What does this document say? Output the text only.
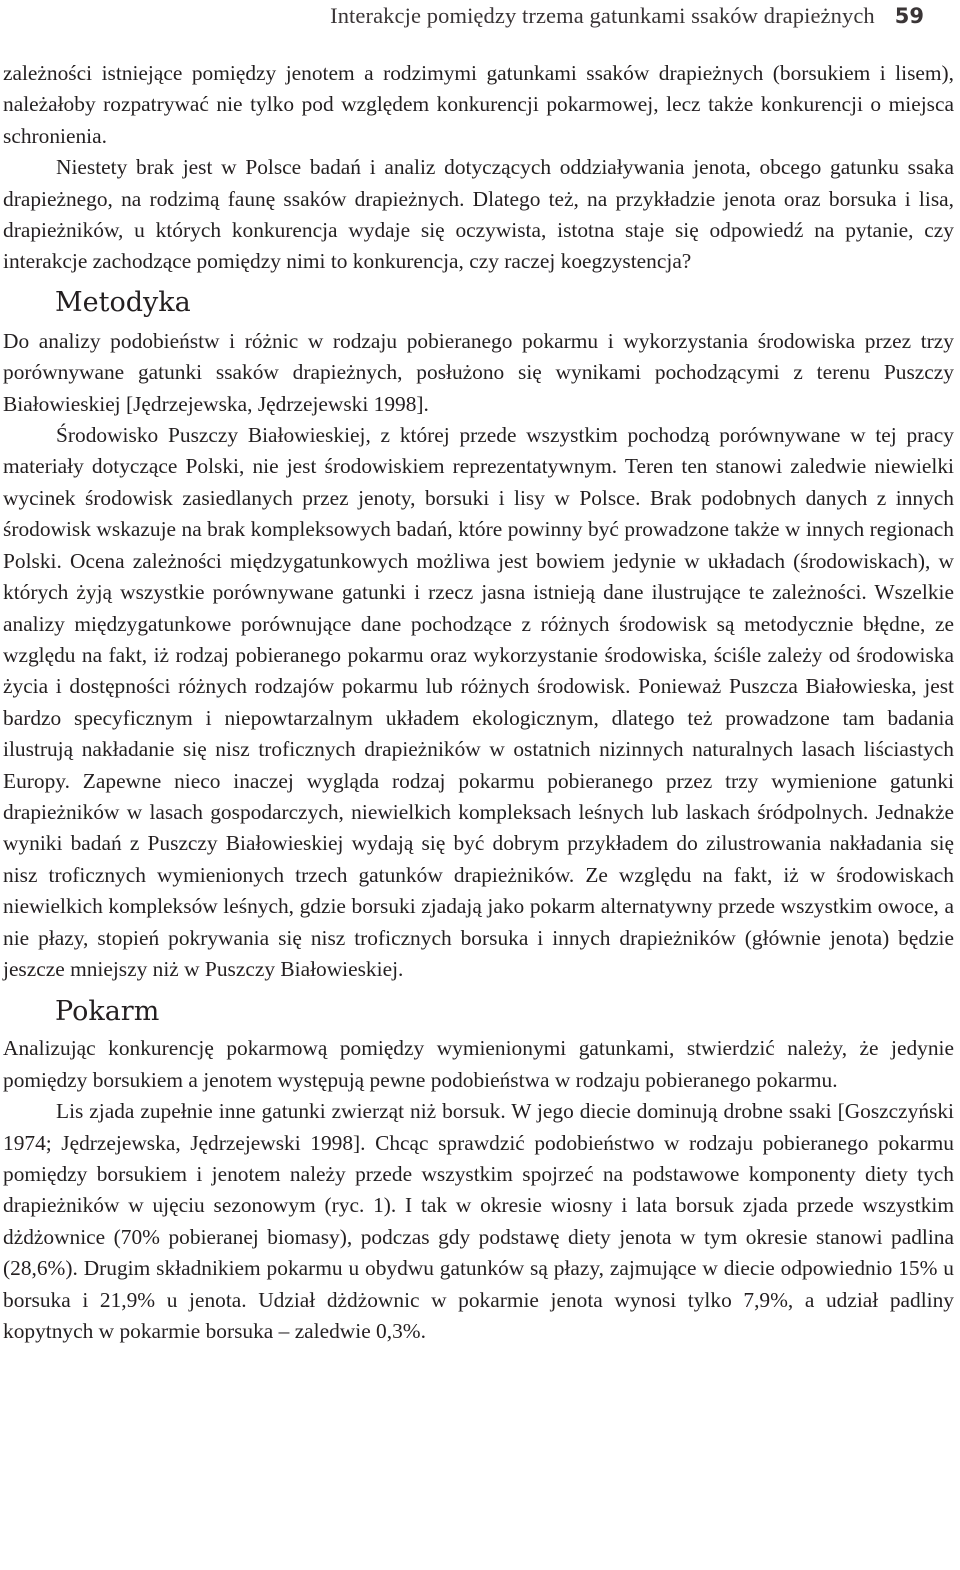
Interakcje pomiędzy trzema gatunkami ssaków drapieżnych 59

zależności istniejące pomiędzy jenotem a rodzimymi gatunkami ssaków drapieżnych (borsukiem i lisem), należałoby rozpatrywać nie tylko pod względem konkurencji pokarmowej, lecz także konkurencji o miejsca schronienia.

Niestety brak jest w Polsce badań i analiz dotyczących oddziaływania jenota, obcego gatunku ssaka drapieżnego, na rodzimą faunę ssaków drapieżnych. Dlatego też, na przykładzie jenota oraz borsuka i lisa, drapieżników, u których konkurencja wydaje się oczywista, istotna staje się odpowiedź na pytanie, czy interakcje zachodzące pomiędzy nimi to konkurencja, czy raczej koegzystencja?

Metodyka

Do analizy podobieństw i różnic w rodzaju pobieranego pokarmu i wykorzystania środowiska przez trzy porównywane gatunki ssaków drapieżnych, posłużono się wynikami pochodzącymi z terenu Puszczy Białowieskiej [Jędrzejewska, Jędrzejewski 1998].

Środowisko Puszczy Białowieskiej, z której przede wszystkim pochodzą porównywane w tej pracy materiały dotyczące Polski, nie jest środowiskiem reprezentatywnym. Teren ten stanowi zaledwie niewielki wycinek środowisk zasiedlanych przez jenoty, borsuki i lisy w Polsce. Brak podobnych danych z innych środowisk wskazuje na brak kompleksowych badań, które powinny być prowadzone także w innych regionach Polski. Ocena zależności międzygatunkowych możliwa jest bowiem jedynie w układach (środowiskach), w których żyją wszystkie porównywane gatunki i rzecz jasna istnieją dane ilustrujące te zależności. Wszelkie analizy międzygatunkowe porównujące dane pochodzące z różnych środowisk są metodycznie błędne, ze względu na fakt, iż rodzaj pobieranego pokarmu oraz wykorzystanie środowiska, ściśle zależy od środowiska życia i dostępności różnych rodzajów pokarmu lub różnych środowisk. Ponieważ Puszcza Białowieska, jest bardzo specyficznym i niepowtarzalnym układem ekologicznym, dlatego też prowadzone tam badania ilustrują nakładanie się nisz troficznych drapieżników w ostatnich nizinnych naturalnych lasach liściastych Europy. Zapewne nieco inaczej wygląda rodzaj pokarmu pobieranego przez trzy wymienione gatunki drapieżników w lasach gospodarczych, niewielkich kompleksach leśnych lub laskach śródpolnych. Jednakże wyniki badań z Puszczy Białowieskiej wydają się być dobrym przykładem do zilustrowania nakładania się nisz troficznych wymienionych trzech gatunków drapieżników. Ze względu na fakt, iż w środowiskach niewielkich kompleksów leśnych, gdzie borsuki zjadają jako pokarm alternatywny przede wszystkim owoce, a nie płazy, stopień pokrywania się nisz troficznych borsuka i innych drapieżników (głównie jenota) będzie jeszcze mniejszy niż w Puszczy Białowieskiej.

Pokarm

Analizując konkurencję pokarmową pomiędzy wymienionymi gatunkami, stwierdzić należy, że jedynie pomiędzy borsukiem a jenotem występują pewne podobieństwa w rodzaju pobieranego pokarmu.

Lis zjada zupełnie inne gatunki zwierząt niż borsuk. W jego diecie dominują drobne ssaki [Goszczyński 1974; Jędrzejewska, Jędrzejewski 1998]. Chcąc sprawdzić podobieństwo w rodzaju pobieranego pokarmu pomiędzy borsukiem i jenotem należy przede wszystkim spojrzeć na podstawowe komponenty diety tych drapieżników w ujęciu sezonowym (ryc. 1). I tak w okresie wiosny i lata borsuk zjada przede wszystkim dżdżownice (70% pobieranej biomasy), podczas gdy podstawę diety jenota w tym okresie stanowi padlina (28,6%). Drugim składnikiem pokarmu u obydwu gatunków są płazy, zajmujące w diecie odpowiednio 15% u borsuka i 21,9% u jenota. Udział dżdżownic w pokarmie jenota wynosi tylko 7,9%, a udział padliny kopytnych w pokarmie borsuka – zaledwie 0,3%.
